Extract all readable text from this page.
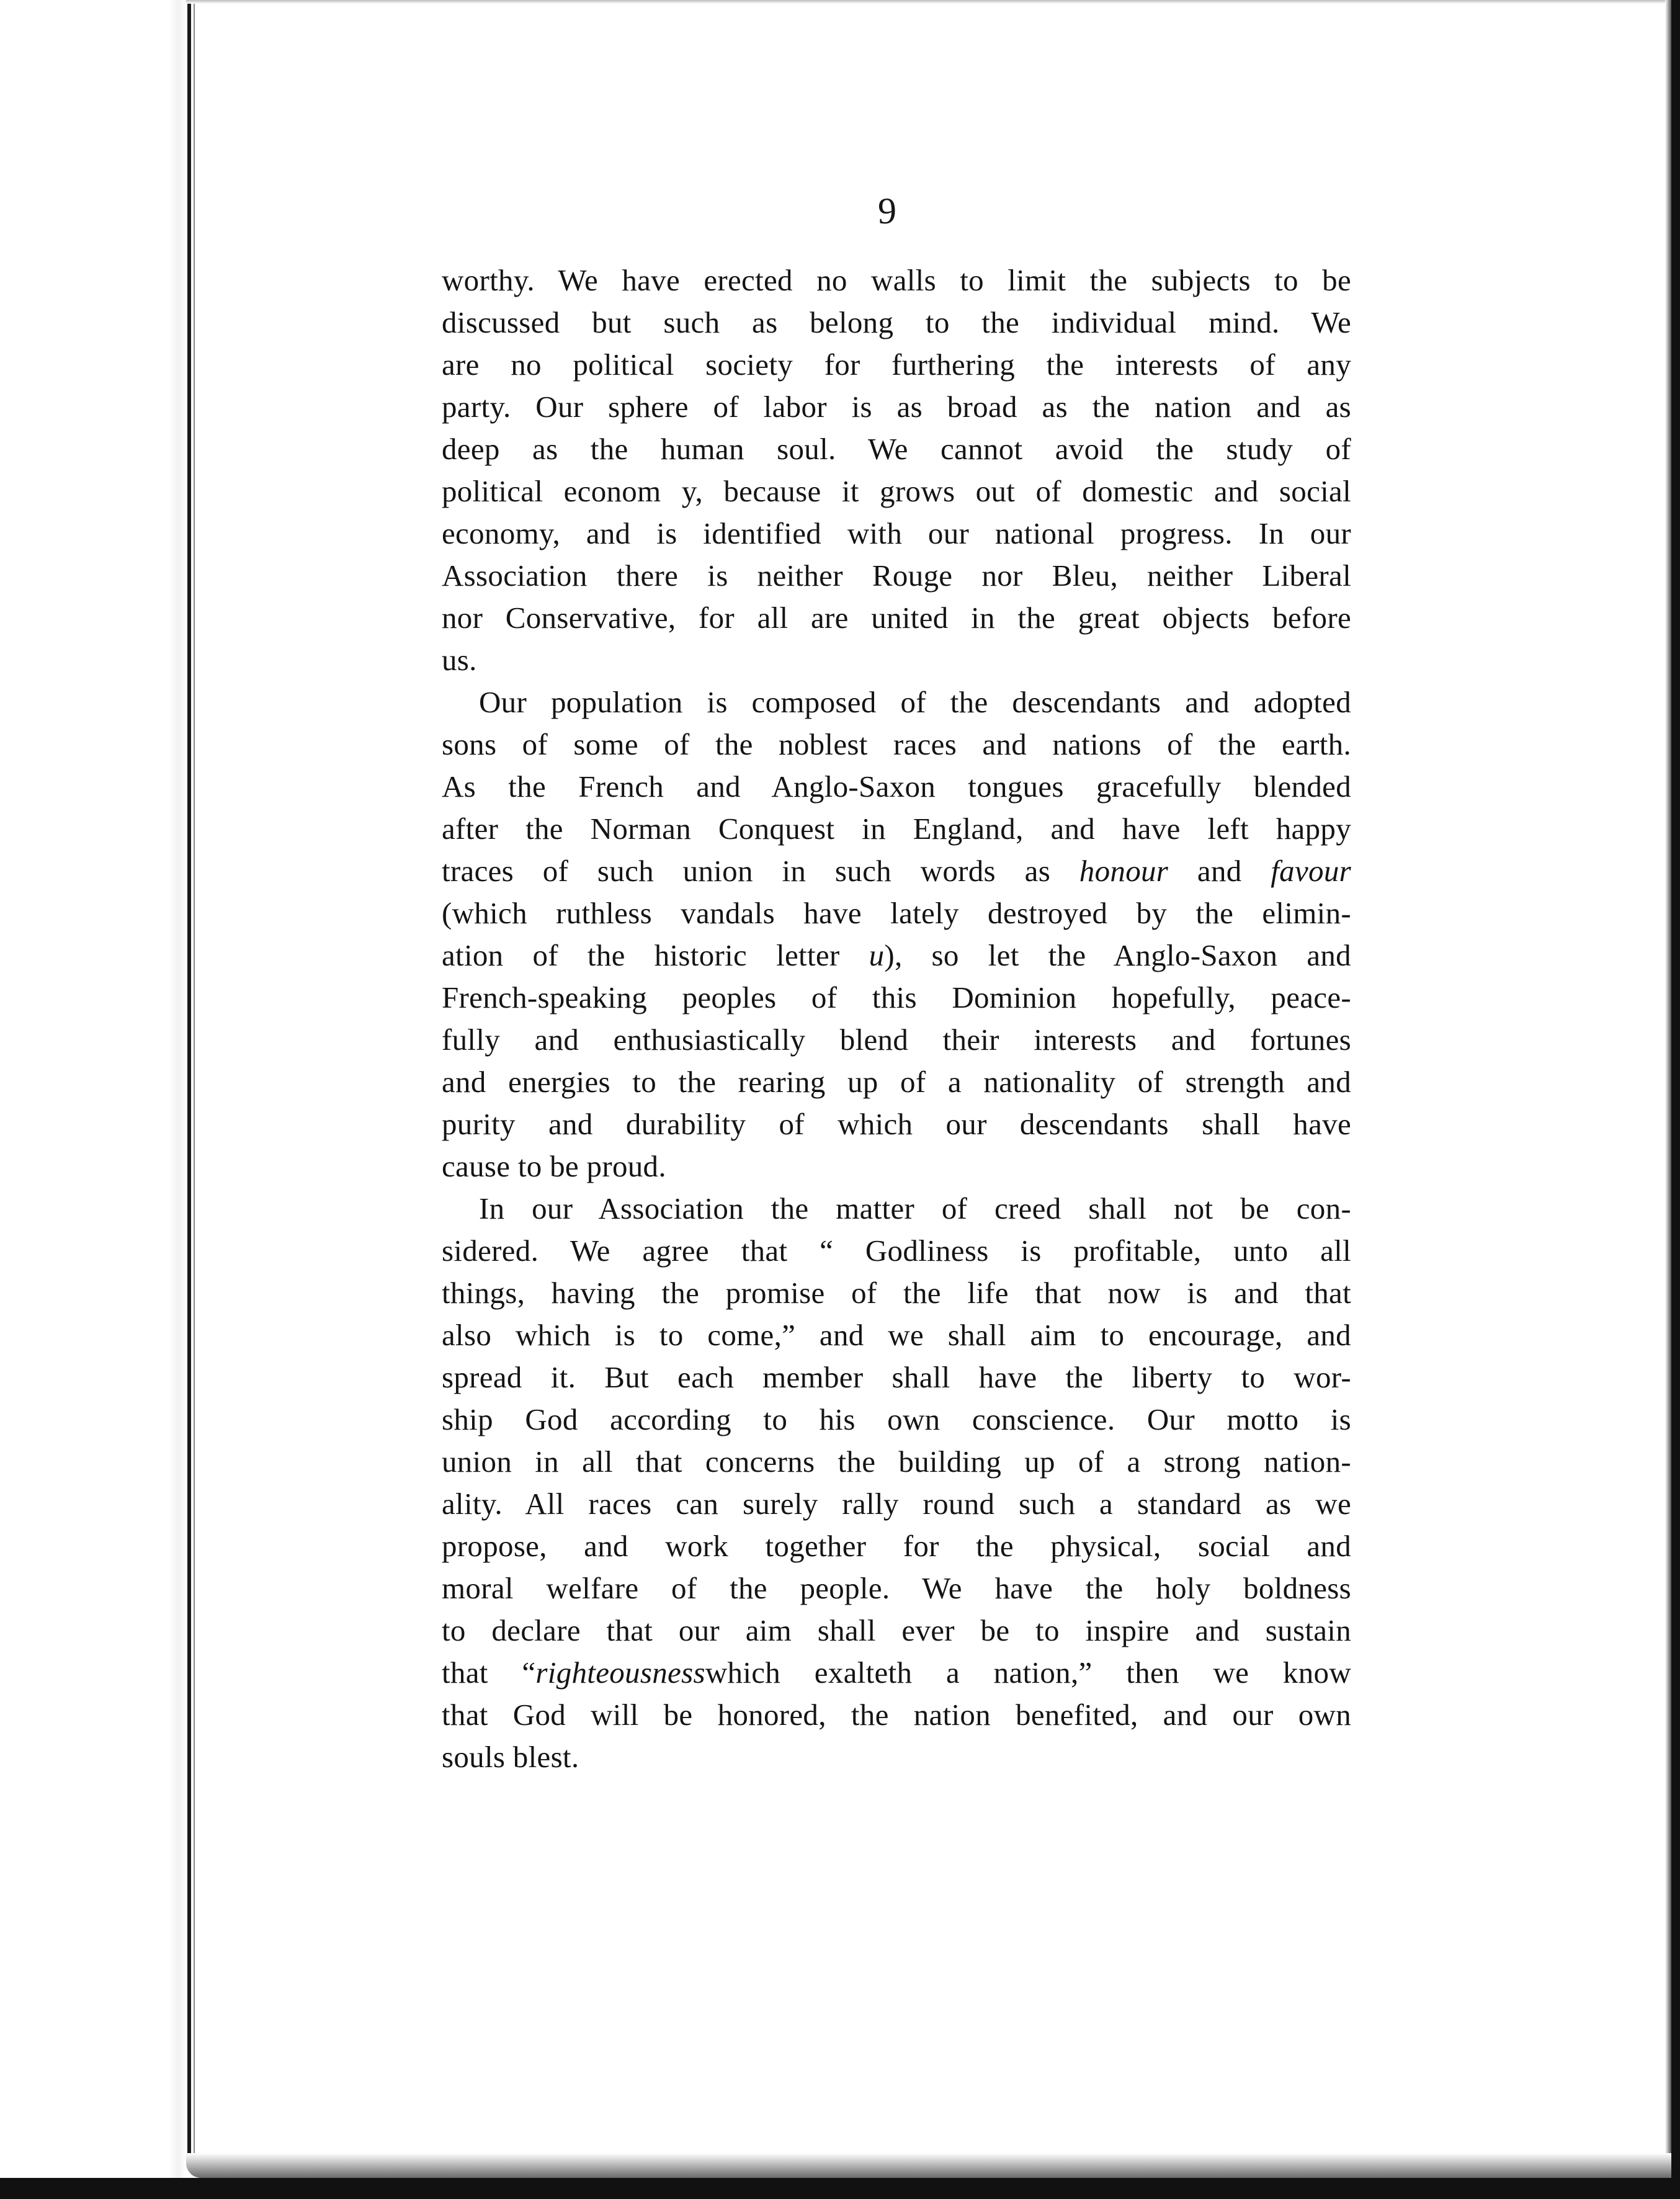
9

worthy. We have erected no walls to limit the subjects to be
discussed but such as belong to the individual mind. We
are no political society for furthering the interests of any
party. Our sphere of labor is as broad as the nation and as
deep as the human soul. We cannot avoid the study of
political econom y, because it grows out of domestic and social
economy, and is identified with our national progress. In our
Association there is neither Rouge nor Bleu, neither Liberal
nor Conservative, for all are united in the great objects before
us.

Our population is composed of the descendants and adopted
sons of some of the noblest races and nations of the earth.
As the French and Anglo-Saxon tongues gracefully blended
after the Norman Conquest in England, and have left happy
traces of such union in such words as honour and favour
(which ruthless vandals have lately destroyed by the elimin-
ation of the historic letter u), so let the Anglo-Saxon and
French-speaking peoples of this Dominion hopefully, peace-
fully and enthusiastically blend their interests and fortunes
and energies to the rearing up of a nationality of strength and
purity and durability of which our descendants shall have
cause to be proud.

In our Association the matter of creed shall not be con-
sidered. We agree that “ Godliness is profitable, unto all
things, having the promise of the life that now is and that
also which is to come,” and we shall aim to encourage, and
spread it. But each member shall have the liberty to wor-
ship God according to his own conscience. Our motto is
union in all that concerns the building up of a strong nation-
ality. All races can surely rally round such a standard as we
propose, and work together for the physical, social and
moral welfare of the people. We have the holy boldness
to declare that our aim shall ever be to inspire and sustain
that “righteousnesswhich exalteth a nation,” then we know
that God will be honored, the nation benefited, and our own
souls blest.
